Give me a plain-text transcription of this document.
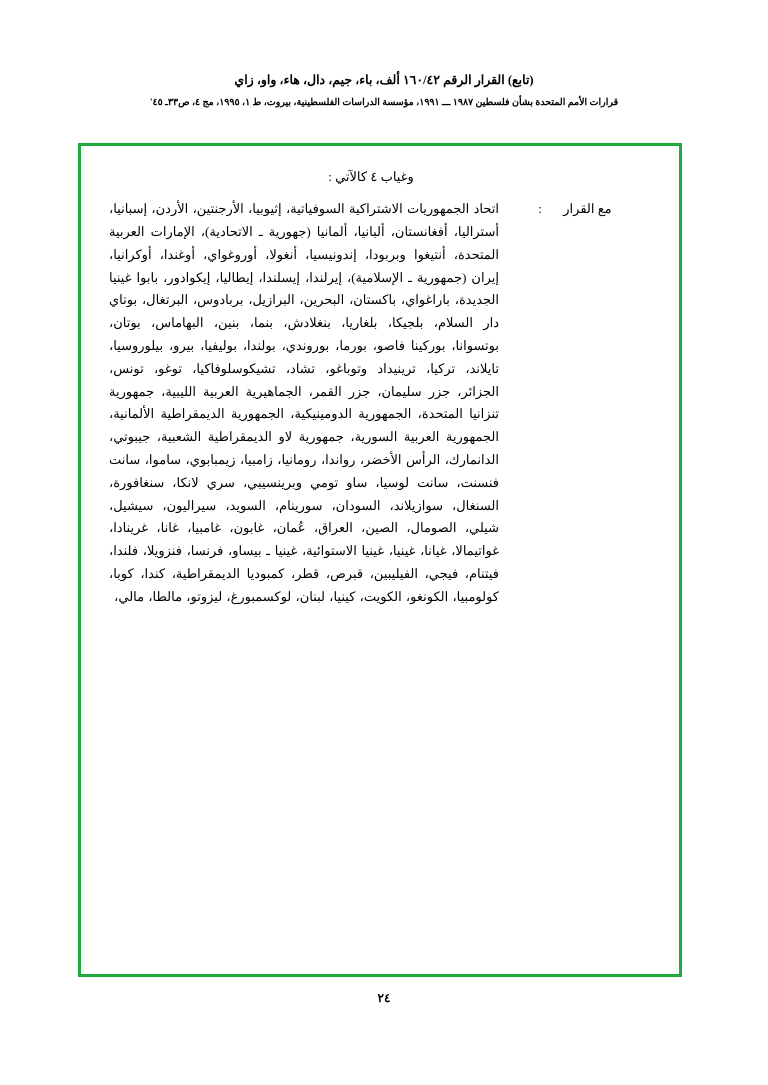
(تابع) القرار الرقم ١٦٠/٤٢ ألف، باء، جيم، دال، هاء، واو، زاي
قرارات الأمم المتحدة بشأن فلسطين ١٩٨٧ ـــ ١٩٩١، مؤسسة الدراسات الفلسطينية، بيروت، ط ١، ١٩٩٥، مج ٤، ص٣٣ـ ٤٥'

وغياب ٤ كالآتي :

مع القرار :

اتحاد الجمهوريات الاشتراكية السوفياتية، إثيوبيا، الأرجنتين، الأردن، إسبانيا، أستراليا، أفغانستان، ألبانيا، ألمانيا (جهورية ـ الاتحادية)، الإمارات العربية المتحدة، أنتيغوا وبربودا، إندونيسيا، أنغولا، أوروغواي، أوغندا، أوكرانيا، إيران (جمهورية ـ الإسلامية)، إيرلندا، إيسلندا، إيطاليا، إيكوادور، بابوا غينيا الجديدة، باراغواي، باكستان، البحرين، البرازيل، بربادوس، البرتغال، بوتاي دار السلام، بلجيكا، بلغاريا، بنغلادش، بنما، بنين، البهاماس، بوتان، بوتسوانا، بوركينا فاصو، بورما، بوروندي، بولندا، بوليفيا، بيرو، بيلوروسيا، تايلاند، تركيا، ترينيداد وتوباغو، تشاد، تشيكوسلوفاكيا، توغو، تونس، الجزائر، جزر سليمان، جزر القمر، الجماهيرية العربية الليبية، جمهورية تنزانيا المتحدة، الجمهورية الدومينيكية، الجمهورية الديمقراطية الألمانية، الجمهورية العربية السورية، جمهورية لاو الديمقراطية الشعبية، جيبوتي، الدانمارك، الرأس الأخضر، رواندا، رومانيا، زامبيا، زيمبابوي، ساموا، سانت فنسنت، سانت لوسيا، ساو تومي وبرينسيبي، سري لانكا، سنغافورة، السنغال، سوازيلاند، السودان، سورينام، السويد، سيراليون، سيشيل، شيلي، الصومال، الصين، العراق، عُمان، غابون، غامبيا، غانا، غرينادا، غواتيمالا، غيانا، غينيا، غينيا الاستوائية، غينيا ـ بيساو، فرنسا، فنزويلا، فلندا، فيتنام، فيجي، الفيليبين، قبرص، قطر، كمبوديا الديمقراطية، كندا، كوبا، كولومبيا، الكونغو، الكويت، كينيا، لبنان، لوكسمبورغ، ليزوتو، مالطا، مالي،

٢٤
